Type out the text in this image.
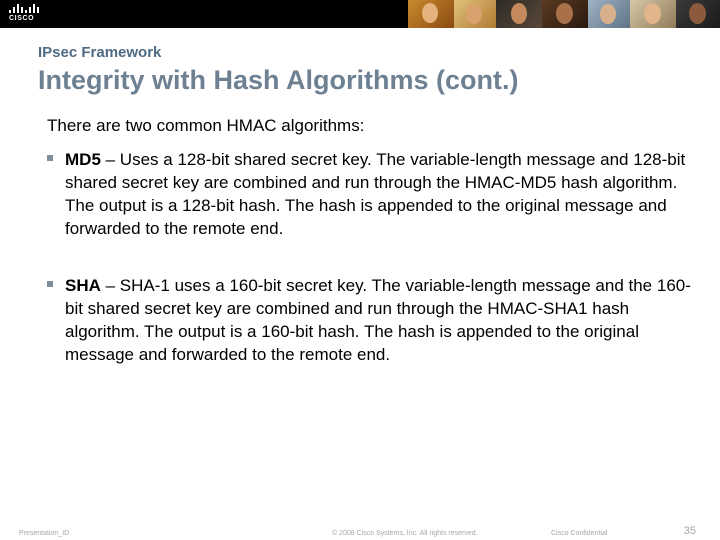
CISCO
IPsec Framework
Integrity with Hash Algorithms (cont.)
There are two common HMAC algorithms:
MD5 – Uses a 128-bit shared secret key. The variable-length message and 128-bit shared secret key are combined and run through the HMAC-MD5 hash algorithm. The output is a 128-bit hash. The hash is appended to the original message and forwarded to the remote end.
SHA – SHA-1 uses a 160-bit secret key. The variable-length message and the 160-bit shared secret key are combined and run through the HMAC-SHA1 hash algorithm. The output is a 160-bit hash. The hash is appended to the original message and forwarded to the remote end.
Presentation_ID	© 2008 Cisco Systems, Inc. All rights reserved.	Cisco Confidential	35
